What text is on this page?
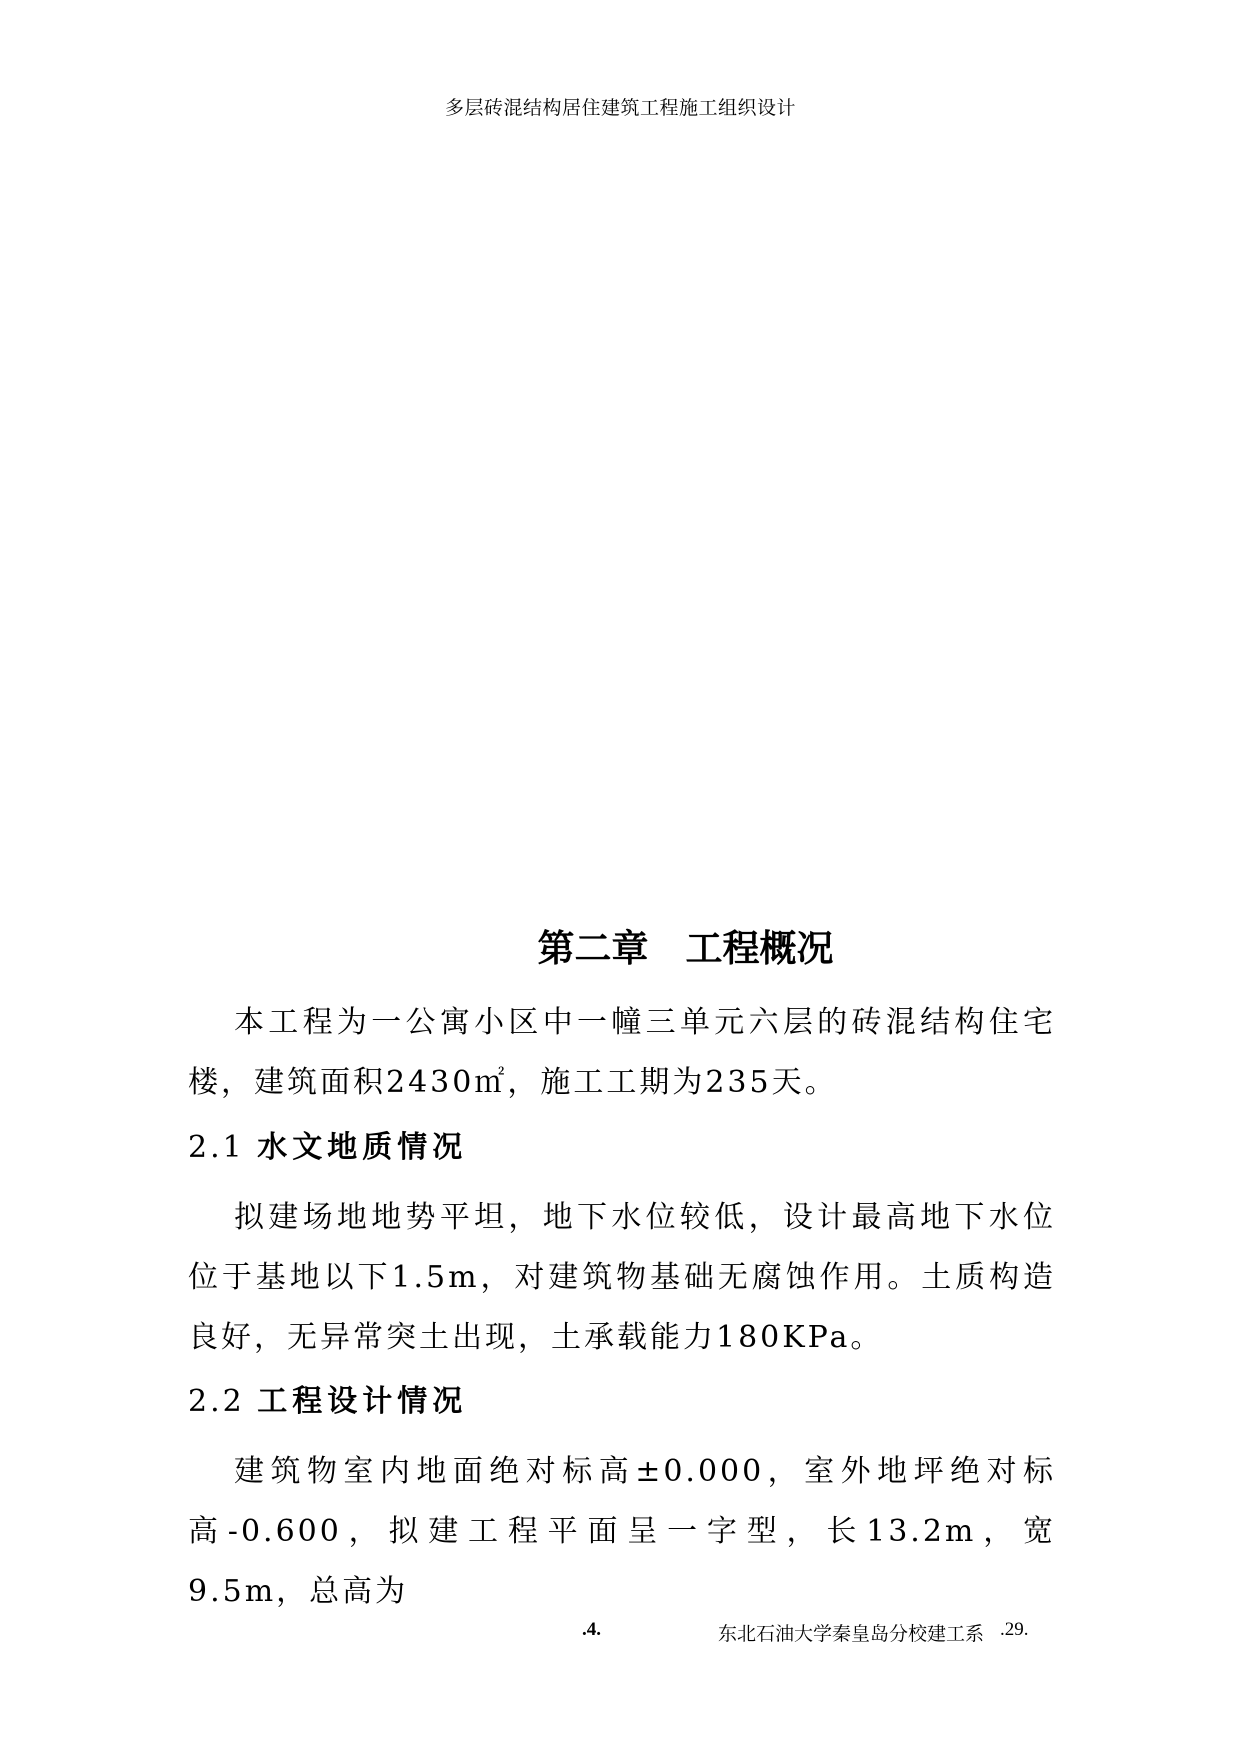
多层砖混结构居住建筑工程施工组织设计
第二章　工程概况
本工程为一公寓小区中一幢三单元六层的砖混结构住宅楼，建筑面积2430㎡，施工工期为235天。
2.1 水文地质情况
拟建场地地势平坦，地下水位较低，设计最高地下水位位于基地以下1.5m，对建筑物基础无腐蚀作用。土质构造良好，无异常突土出现，土承载能力180KPa。
2.2 工程设计情况
建筑物室内地面绝对标高±0.000，室外地坪绝对标高-0.600，拟建工程平面呈一字型，长13.2m，宽9.5m，总高为
.4.	东北石油大学秦皇岛分校建工系 .29.
